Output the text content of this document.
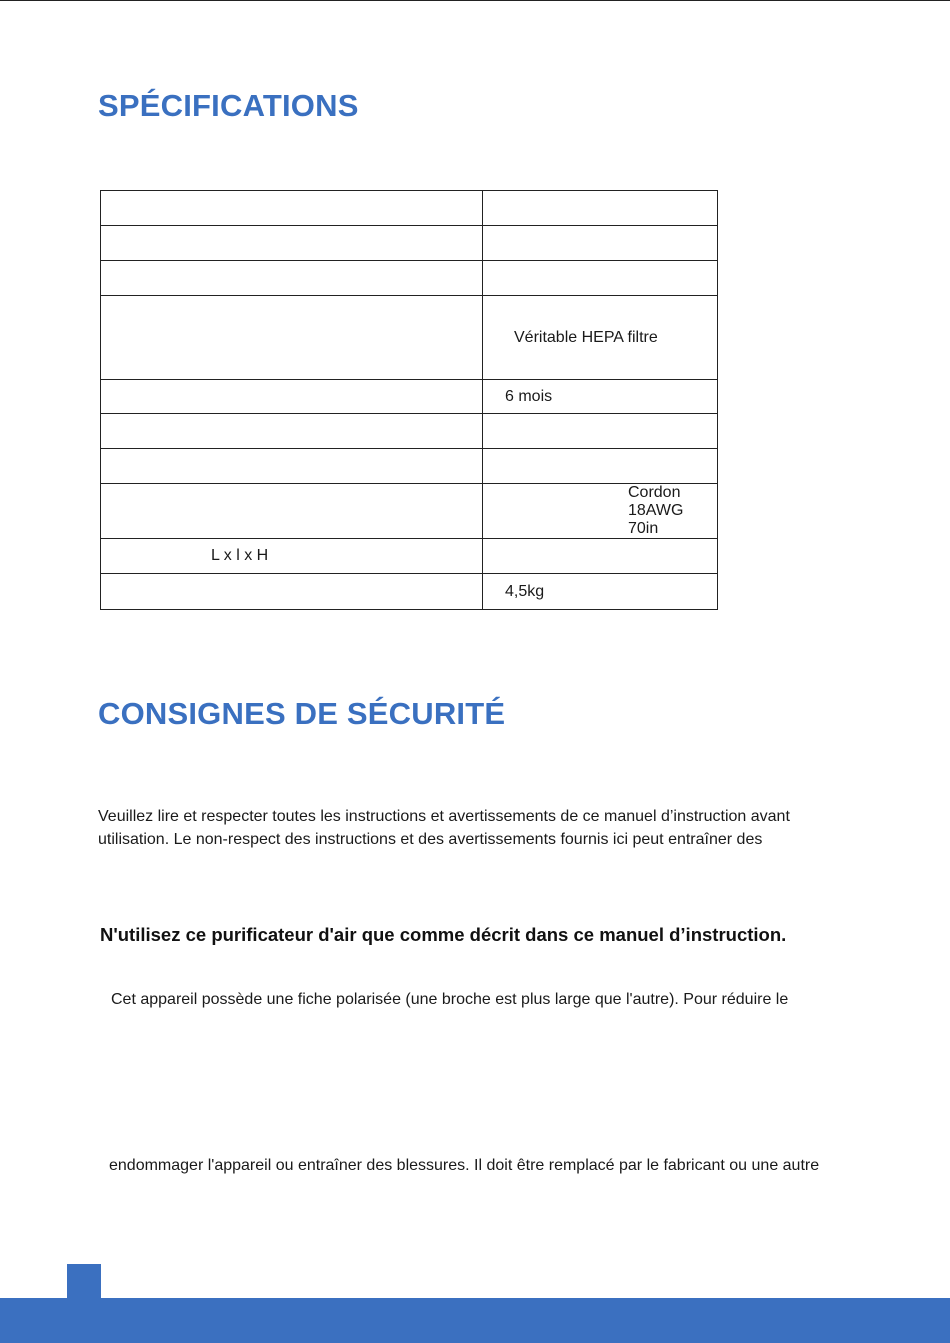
SPÉCIFICATIONS

	Véritable HEPA filtre
	6 mois

	Cordon 18AWG 70in
L x l x H	
	4,5kg
CONSIGNES DE SÉCURITÉ

Veuillez lire et respecter toutes les instructions et avertissements de ce manuel d’instruction avant

utilisation. Le non-respect des instructions et des avertissements fournis ici peut entraîner des

N'utilisez ce purificateur d'air que comme décrit dans ce manuel d’instruction.

Cet appareil possède une fiche polarisée (une broche est plus large que l'autre). Pour réduire le

endommager l'appareil ou entraîner des blessures. Il doit être remplacé par le fabricant ou une autre
